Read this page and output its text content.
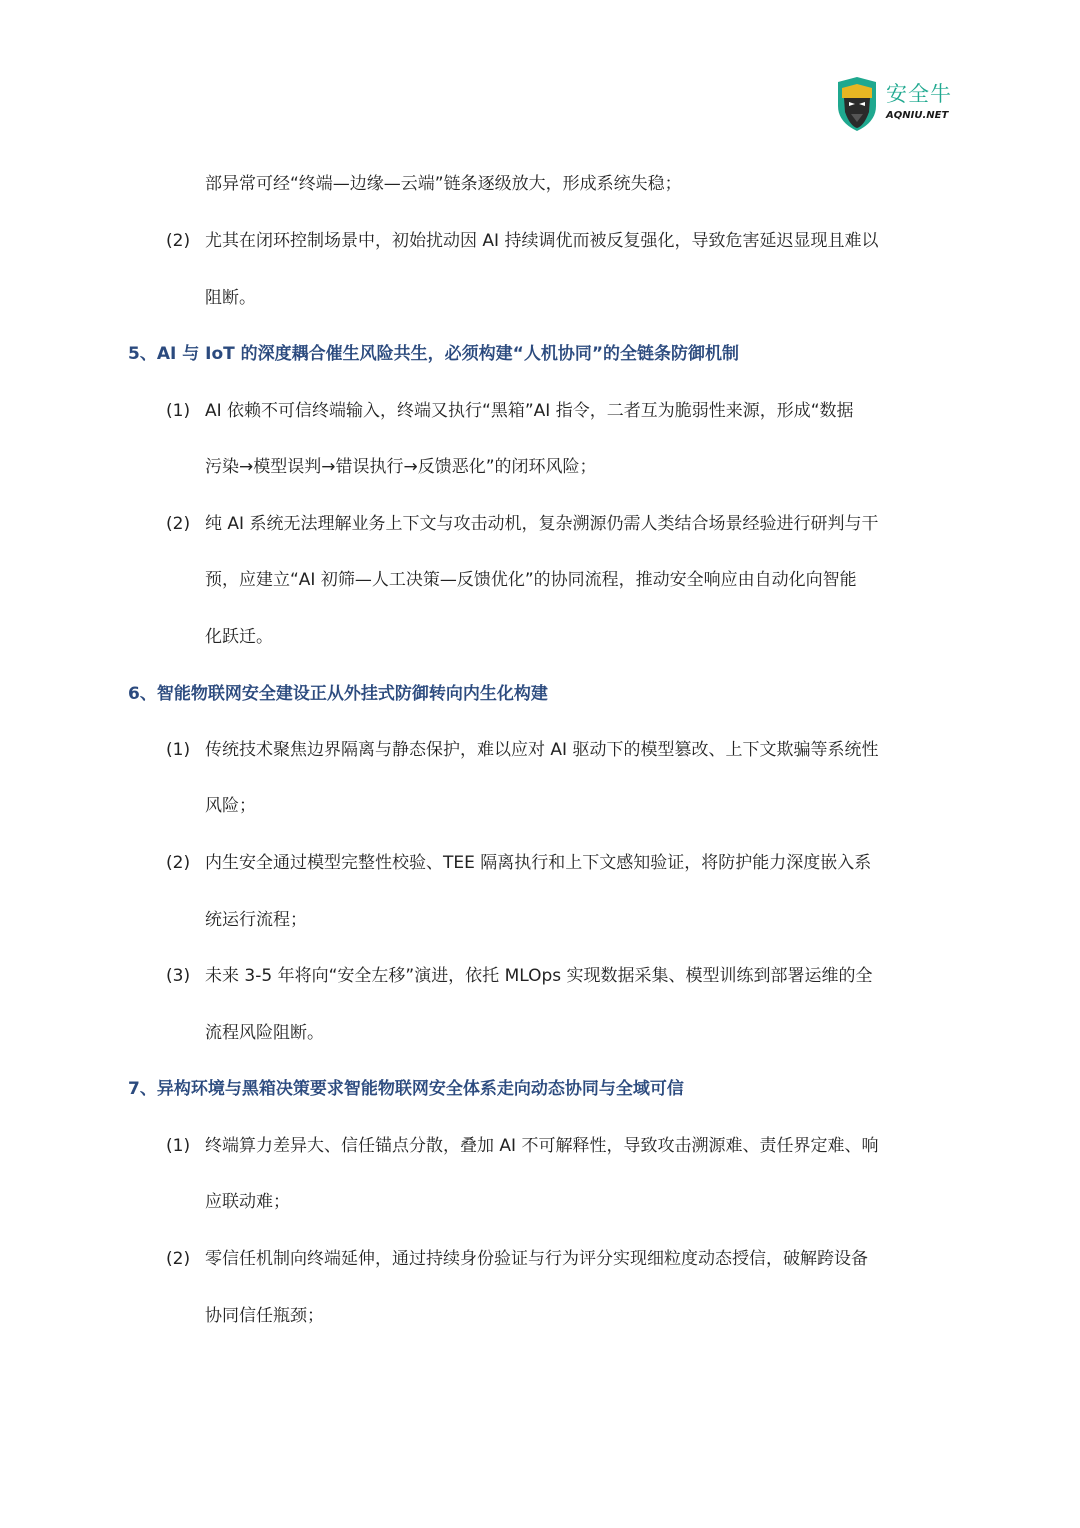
安全牛
AQNIU.NET
部异常可经“终端—边缘—云端”链条逐级放大，形成系统失稳；
(2) 尤其在闭环控制场景中，初始扰动因 AI 持续调优而被反复强化，导致危害延迟显现且难以
阻断。
5、AI 与 IoT 的深度耦合催生风险共生，必须构建“人机协同”的全链条防御机制
(1) AI 依赖不可信终端输入，终端又执行“黑箱”AI 指令，二者互为脆弱性来源，形成“数据
污染→模型误判→错误执行→反馈恶化”的闭环风险；
(2) 纯 AI 系统无法理解业务上下文与攻击动机，复杂溯源仍需人类结合场景经验进行研判与干
预，应建立“AI 初筛—人工决策—反馈优化”的协同流程，推动安全响应由自动化向智能
化跃迁。
6、智能物联网安全建设正从外挂式防御转向内生化构建
(1) 传统技术聚焦边界隔离与静态保护，难以应对 AI 驱动下的模型篡改、上下文欺骗等系统性
风险；
(2) 内生安全通过模型完整性校验、TEE 隔离执行和上下文感知验证，将防护能力深度嵌入系
统运行流程；
(3) 未来 3-5 年将向“安全左移”演进，依托 MLOps 实现数据采集、模型训练到部署运维的全
流程风险阻断。
7、异构环境与黑箱决策要求智能物联网安全体系走向动态协同与全域可信
(1) 终端算力差异大、信任锚点分散，叠加 AI 不可解释性，导致攻击溯源难、责任界定难、响
应联动难；
(2) 零信任机制向终端延伸，通过持续身份验证与行为评分实现细粒度动态授信，破解跨设备
协同信任瓶颈；
